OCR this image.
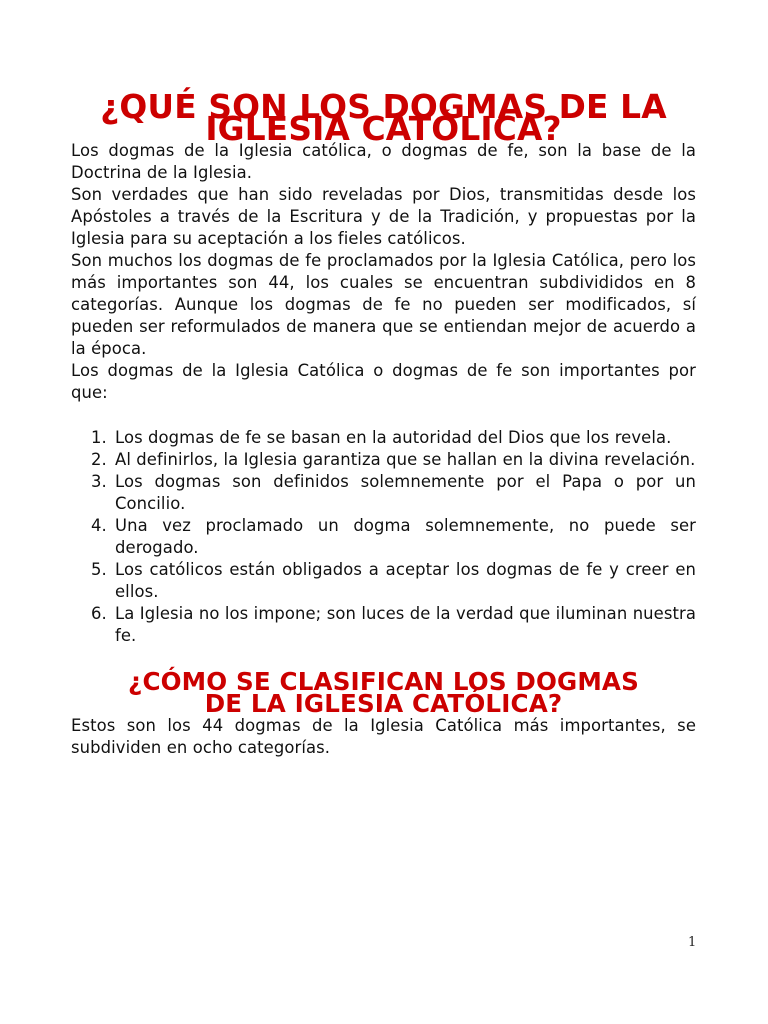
¿QUÉ SON LOS DOGMAS DE LA IGLESIA CATÓLICA?

Los dogmas de la Iglesia católica, o dogmas de fe, son la base de la Doctrina de la Iglesia.

Son verdades que han sido reveladas por Dios, transmitidas desde los Apóstoles a través de la Escritura y de la Tradición, y propuestas por la Iglesia para su aceptación a los fieles católicos.

Son muchos los dogmas de fe proclamados por la Iglesia Católica, pero los más importantes son 44, los cuales se encuentran subdivididos en 8 categorías. Aunque los dogmas de fe no pueden ser modificados, sí pueden ser reformulados de manera que se entiendan mejor de acuerdo a la época.

Los dogmas de la Iglesia Católica o dogmas de fe son importantes por que:

1. Los dogmas de fe se basan en la autoridad del Dios que los revela.
2. Al definirlos, la Iglesia garantiza que se hallan en la divina revelación.
3. Los dogmas son definidos solemnemente por el Papa o por un Concilio.
4. Una vez proclamado un dogma solemnemente, no puede ser derogado.
5. Los católicos están obligados a aceptar los dogmas de fe y creer en ellos.
6. La Iglesia no los impone; son luces de la verdad que iluminan nuestra fe.
¿CÓMO SE CLASIFICAN LOS DOGMAS
DE LA IGLESIA CATÓLICA?

Estos son los 44 dogmas de la Iglesia Católica más importantes, se subdividen en ocho categorías.

1
